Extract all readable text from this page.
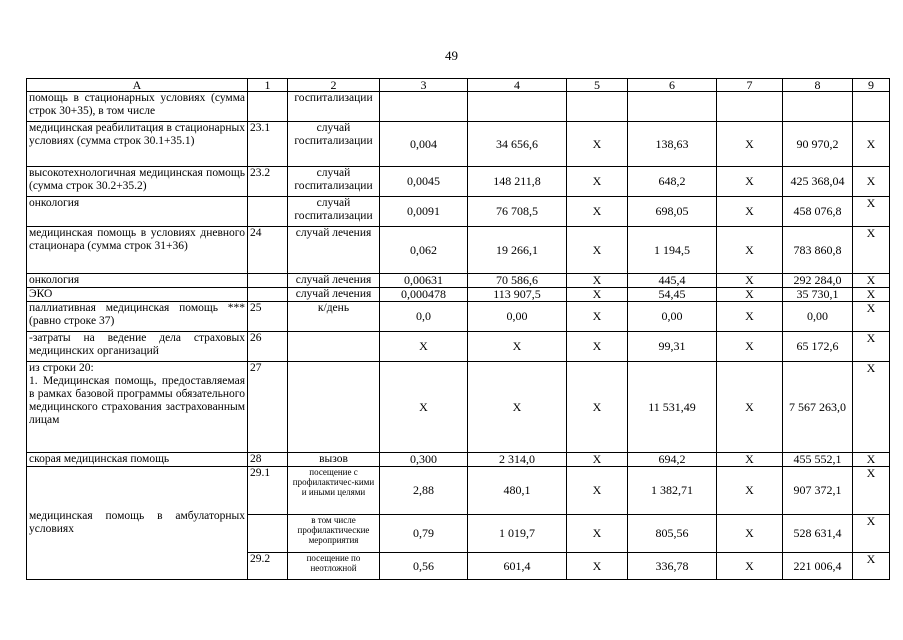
49
А	1	2	3	4	5	6	7	8	9
помощь в стационарных условиях (сумма строк 30+35), в том числе		госпитализации							
медицинская реабилитация в стационарных условиях (сумма строк 30.1+35.1)	23.1	случай госпитализации	0,004	34 656,6	X	138,63	X	90 970,2	X
высокотехнологичная медицинская помощь (сумма строк 30.2+35.2)	23.2	случай госпитализации	0,0045	148 211,8	X	648,2	X	425 368,04	X
онкология		случай госпитализации	0,0091	76 708,5	X	698,05	X	458 076,8	X
медицинская помощь в условиях дневного стационара (сумма строк 31+36)	24	случай лечения	0,062	19 266,1	X	1 194,5	X	783 860,8	X
онкология		случай лечения	0,00631	70 586,6	X	445,4	X	292 284,0	X
ЭКО		случай лечения	0,000478	113 907,5	X	54,45	X	35 730,1	X
паллиативная медицинская помощь *** (равно строке 37)	25	к/день	0,0	0,00	X	0,00	X	0,00	X
-затраты на ведение дела страховых медицинских организаций	26		X	X	X	99,31	X	65 172,6	X
из строки 20:
1. Медицинская помощь, предоставляемая в рамках базовой программы обязательного медицинского страхования застрахованным лицам	27		X	X	X	11 531,49	X	7 567 263,0	X
скорая медицинская помощь	28	вызов	0,300	2 314,0	X	694,2	X	455 552,1	X
медицинская помощь в амбулаторных условиях	29.1	посещение с профилактичес-кими и иными целями	2,88	480,1	X	1 382,71	X	907 372,1	X
		в том числе профилактические мероприятия	0,79	1 019,7	X	805,56	X	528 631,4	X
	29.2	посещение по неотложной	0,56	601,4	X	336,78	X	221 006,4	X
